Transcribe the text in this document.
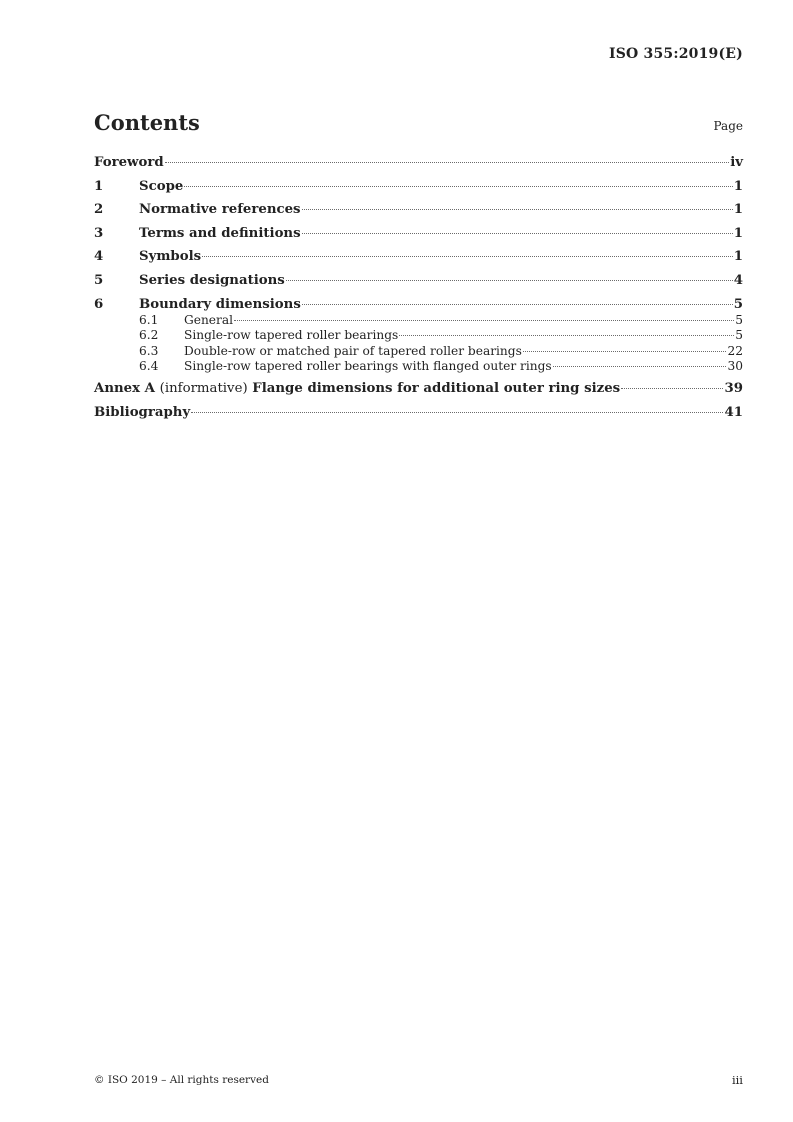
ISO 355:2019(E)
Contents	Page
Foreword	iv
1	Scope	1
2	Normative references	1
3	Terms and definitions	1
4	Symbols	1
5	Series designations	4
6	Boundary dimensions	5
6.1	General	5
6.2	Single-row tapered roller bearings	5
6.3	Double-row or matched pair of tapered roller bearings	22
6.4	Single-row tapered roller bearings with flanged outer rings	30
Annex A (informative) Flange dimensions for additional outer ring sizes	39
Bibliography	41
© ISO 2019 – All rights reserved	iii
